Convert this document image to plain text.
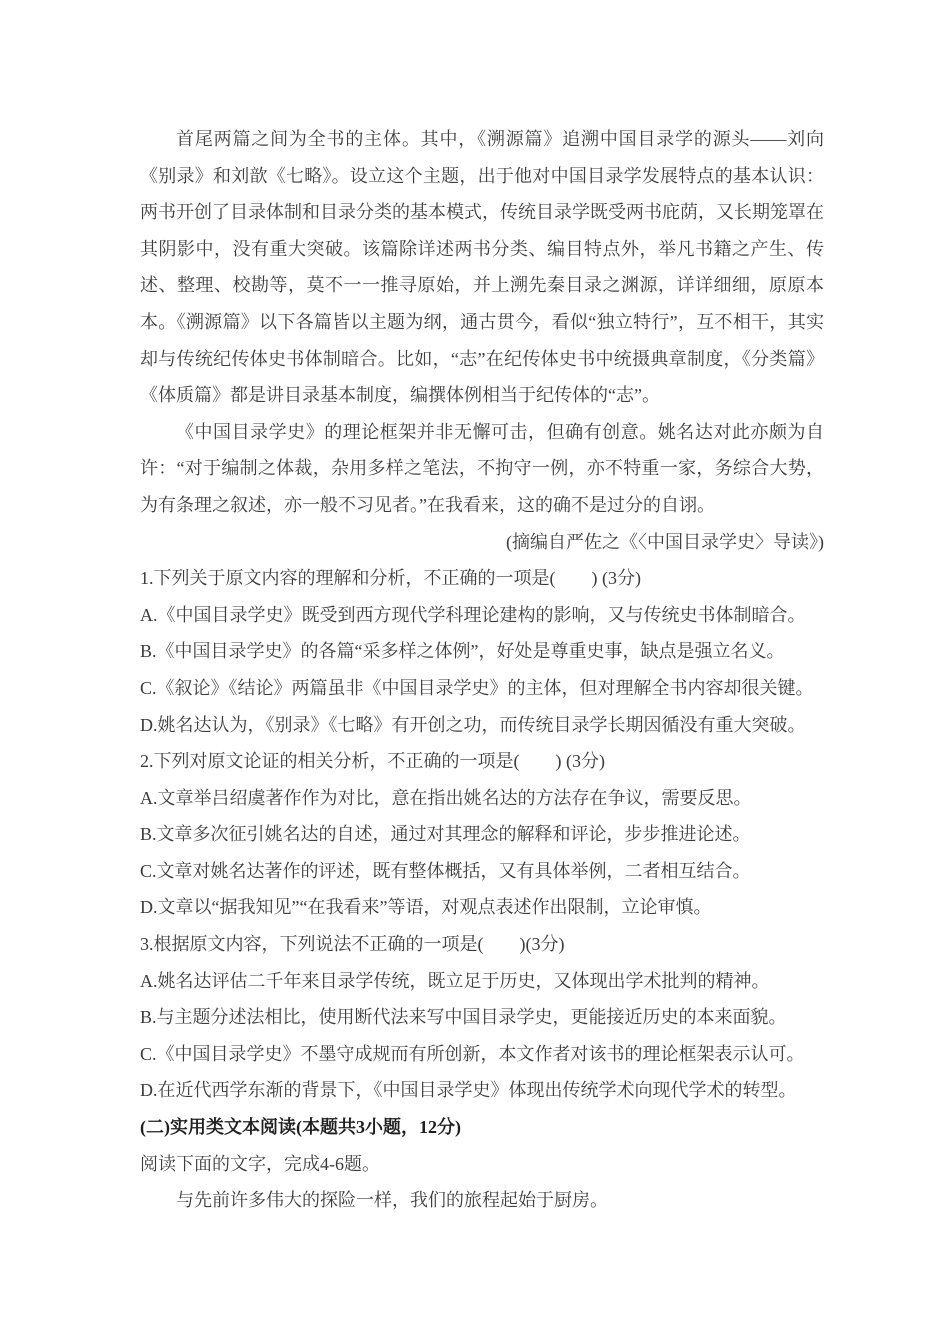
首尾两篇之间为全书的主体。其中，《溯源篇》追溯中国目录学的源头——刘向《别录》和刘歆《七略》。设立这个主题，出于他对中国目录学发展特点的基本认识：两书开创了目录体制和目录分类的基本模式，传统目录学既受两书庇荫，又长期笼罩在其阴影中，没有重大突破。该篇除详述两书分类、编目特点外，举凡书籍之产生、传述、整理、校勘等，莫不一一推寻原始，并上溯先秦目录之渊源，详详细细，原原本本。《溯源篇》以下各篇皆以主题为纲，通古贯今，看似“独立特行”，互不相干，其实却与传统纪传体史书体制暗合。比如，“志”在纪传体史书中统摄典章制度，《分类篇》《体质篇》都是讲目录基本制度，编撰体例相当于纪传体的“志”。

《中国目录学史》的理论框架并非无懈可击，但确有创意。姚名达对此亦颇为自许：“对于编制之体裁，杂用多样之笔法，不拘守一例，亦不特重一家，务综合大势，为有条理之叙述，亦一般不习见者。”在我看来，这的确不是过分的自诩。

(摘编自严佐之《〈中国目录学史〉导读》)

1.下列关于原文内容的理解和分析，不正确的一项是(　　) (3分)

A.《中国目录学史》既受到西方现代学科理论建构的影响，又与传统史书体制暗合。

B.《中国目录学史》的各篇“采多样之体例”，好处是尊重史事，缺点是强立名义。

C.《叙论》《结论》两篇虽非《中国目录学史》的主体，但对理解全书内容却很关键。

D.姚名达认为，《别录》《七略》有开创之功，而传统目录学长期因循没有重大突破。

2.下列对原文论证的相关分析，不正确的一项是(　　) (3分)

A.文章举吕绍虞著作作为对比，意在指出姚名达的方法存在争议，需要反思。

B.文章多次征引姚名达的自述，通过对其理念的解释和评论，步步推进论述。

C.文章对姚名达著作的评述，既有整体概括，又有具体举例，二者相互结合。

D.文章以“据我知见”“在我看来”等语，对观点表述作出限制，立论审慎。

3.根据原文内容，下列说法不正确的一项是(　　)(3分)

A.姚名达评估二千年来目录学传统，既立足于历史，又体现出学术批判的精神。

B.与主题分述法相比，使用断代法来写中国目录学史，更能接近历史的本来面貌。

C.《中国目录学史》不墨守成规而有所创新，本文作者对该书的理论框架表示认可。

D.在近代西学东渐的背景下，《中国目录学史》体现出传统学术向现代学术的转型。

(二)实用类文本阅读(本题共3小题，12分)

阅读下面的文字，完成4-6题。

与先前许多伟大的探险一样，我们的旅程起始于厨房。
